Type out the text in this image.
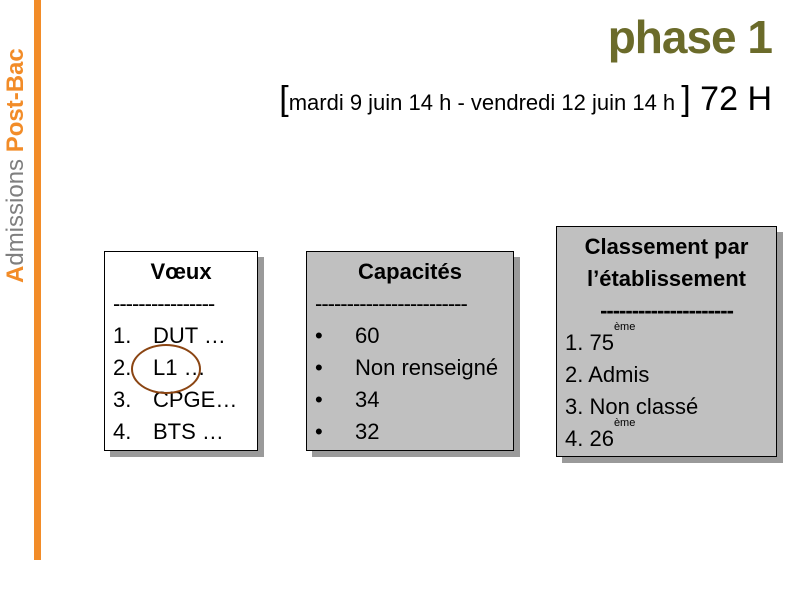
Admissions Post-Bac
phase 1
[mardi 9 juin 14 h - vendredi 12 juin 14 h ] 72 H
Vœux
----------------
1. DUT …
2. L1 …
3. CPGE…
4. BTS …
Capacités
------------------------
•	60
•	Non renseigné
•	34
•	32
Classement par
l’établissement
---------------------
1. 75
ème
2. Admis
3. Non classé
4. 26
ème
